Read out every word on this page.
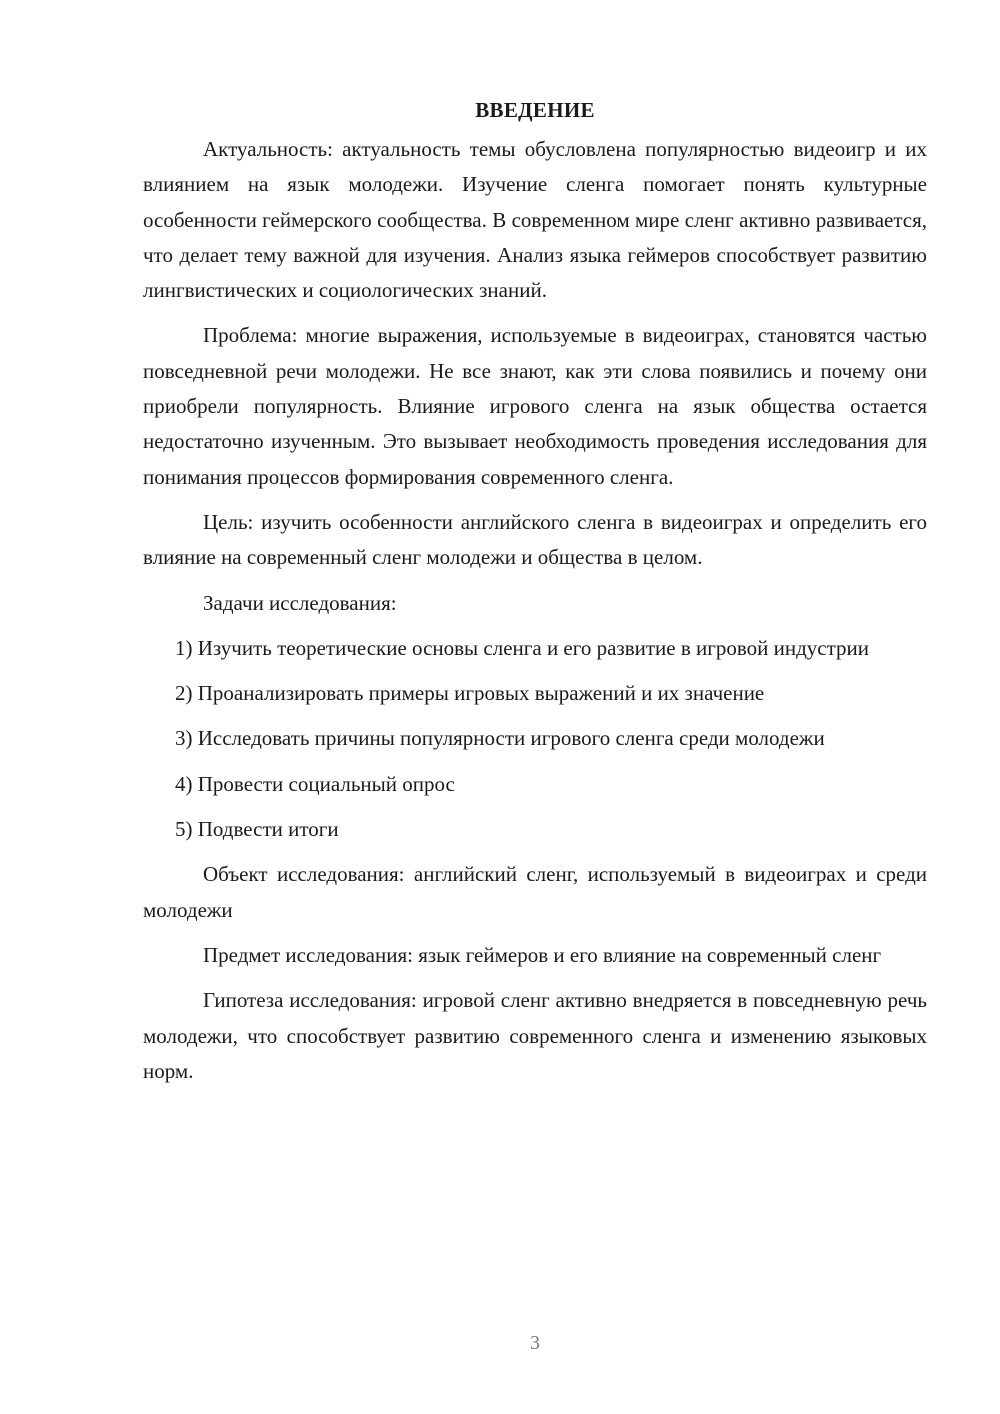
ВВЕДЕНИЕ

Актуальность: актуальность темы обусловлена популярностью видеоигр и их влиянием на язык молодежи. Изучение сленга помогает понять культурные особенности геймерского сообщества. В современном мире сленг активно развивается, что делает тему важной для изучения. Анализ языка геймеров способствует развитию лингвистических и социологических знаний.

Проблема: многие выражения, используемые в видеоиграх, становятся частью повседневной речи молодежи. Не все знают, как эти слова появились и почему они приобрели популярность. Влияние игрового сленга на язык общества остается недостаточно изученным. Это вызывает необходимость проведения исследования для понимания процессов формирования современного сленга.

Цель: изучить особенности английского сленга в видеоиграх и определить его влияние на современный сленг молодежи и общества в целом.

Задачи исследования:

1) Изучить теоретические основы сленга и его развитие в игровой индустрии

2) Проанализировать примеры игровых выражений и их значение

3) Исследовать причины популярности игрового сленга среди молодежи

4) Провести социальный опрос

5) Подвести итоги

Объект исследования: английский сленг, используемый в видеоиграх и среди молодежи

Предмет исследования: язык геймеров и его влияние на современный сленг

Гипотеза исследования: игровой сленг активно внедряется в повседневную речь молодежи, что способствует развитию современного сленга и изменению языковых норм.

3
